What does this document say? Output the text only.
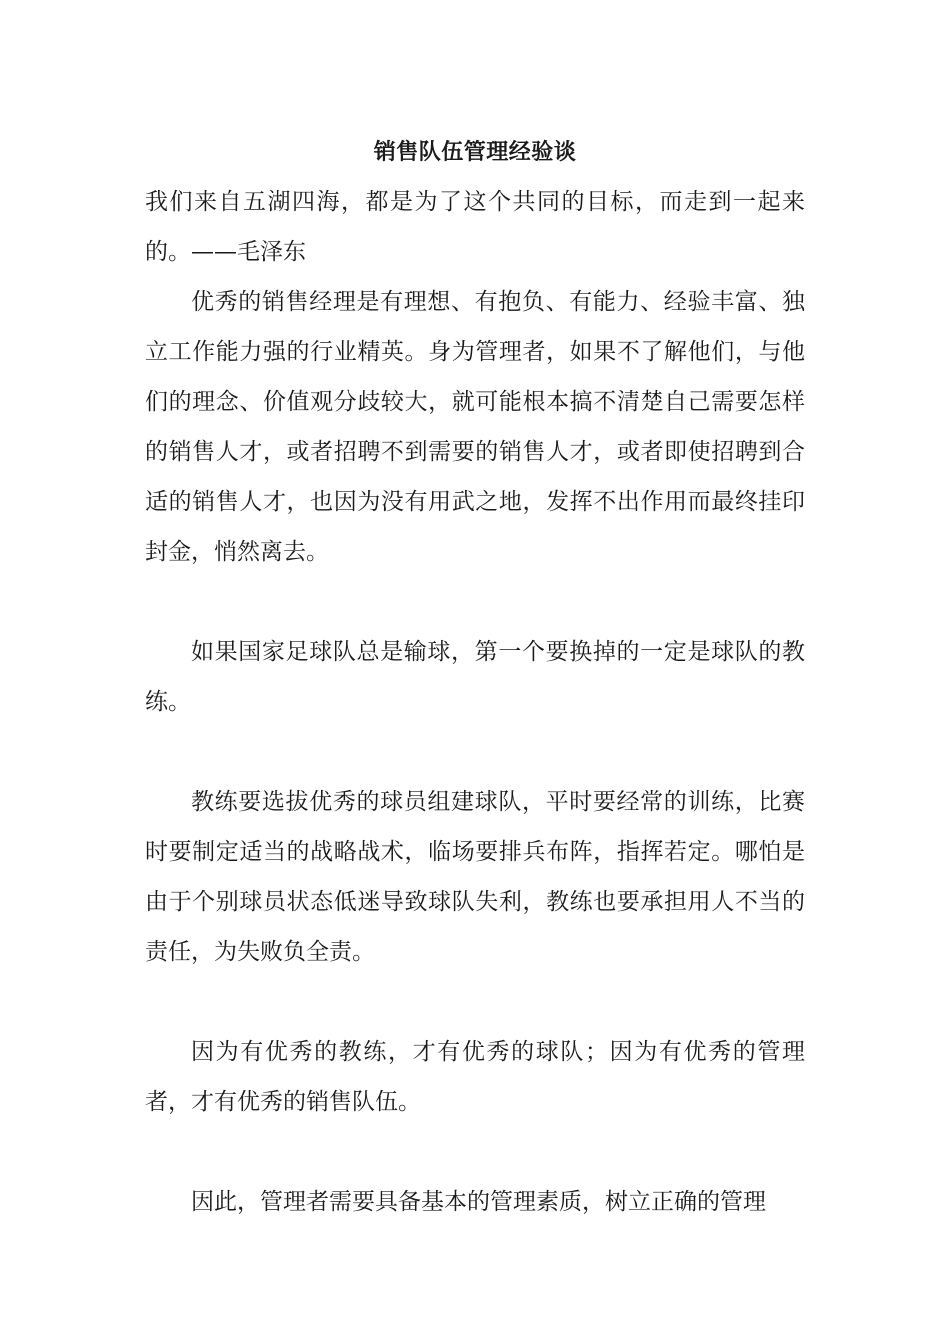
销售队伍管理经验谈

我们来自五湖四海，都是为了这个共同的目标，而走到一起来的。——毛泽东

优秀的销售经理是有理想、有抱负、有能力、经验丰富、独立工作能力强的行业精英。身为管理者，如果不了解他们，与他们的理念、价值观分歧较大，就可能根本搞不清楚自己需要怎样的销售人才，或者招聘不到需要的销售人才，或者即使招聘到合适的销售人才，也因为没有用武之地，发挥不出作用而最终挂印封金，悄然离去。

如果国家足球队总是输球，第一个要换掉的一定是球队的教练。

教练要选拔优秀的球员组建球队，平时要经常的训练，比赛时要制定适当的战略战术，临场要排兵布阵，指挥若定。哪怕是由于个别球员状态低迷导致球队失利，教练也要承担用人不当的责任，为失败负全责。

因为有优秀的教练，才有优秀的球队；因为有优秀的管理者，才有优秀的销售队伍。

因此，管理者需要具备基本的管理素质，树立正确的管理
